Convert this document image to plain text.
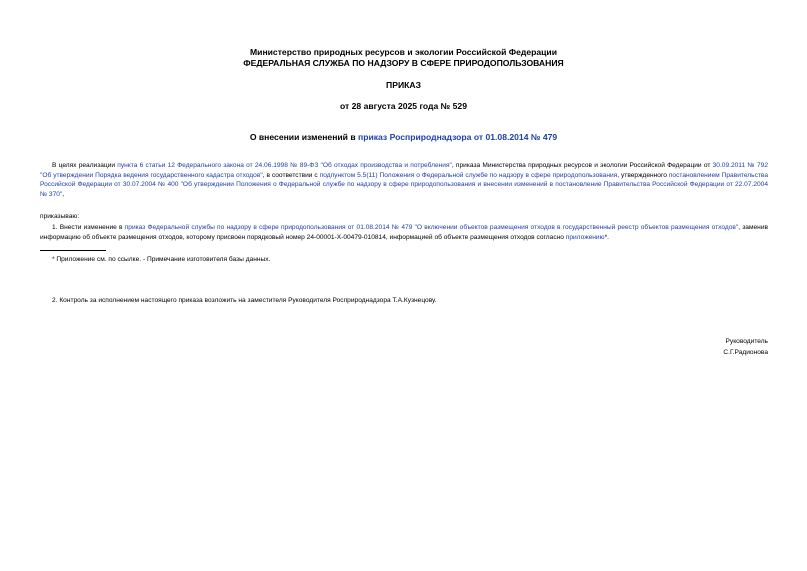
Министерство природных ресурсов и экологии Российской Федерации
ФЕДЕРАЛЬНАЯ СЛУЖБА ПО НАДЗОРУ В СФЕРЕ ПРИРОДОПОЛЬЗОВАНИЯ
ПРИКАЗ
от 28 августа 2025 года № 529
О внесении изменений в приказ Росприроднадзора от 01.08.2014 № 479
В целях реализации пункта 6 статьи 12 Федерального закона от 24.06.1998 № 89-ФЗ "Об отходах производства и потребления", приказа Министерства природных ресурсов и экологии Российской Федерации от 30.09.2011 № 792 "Об утверждении Порядка ведения государственного кадастра отходов", в соответствии с подпунктом 5.5(11) Положения о Федеральной службе по надзору в сфере природопользования, утвержденного постановлением Правительства Российской Федерации от 30.07.2004 № 400 "Об утверждении Положения о Федеральной службе по надзору в сфере природопользования и внесении изменений в постановление Правительства Российской Федерации от 22.07.2004 № 370",
приказываю:
1. Внести изменение в приказ Федеральной службы по надзору в сфере природопользования от 01.08.2014 № 479 "О включении объектов размещения отходов в государственный реестр объектов размещения отходов", заменив информацию об объекте размещения отходов, которому присвоен порядковый номер 24-00001-Х-00479-010814, информацией об объекте размещения отходов согласно приложению*.
* Приложение см. по ссылке. - Примечание изготовителя базы данных.
2. Контроль за исполнением настоящего приказа возложить на заместителя Руководителя Росприроднадзора Т.А.Кузнецову.
Руководитель
С.Г.Радионова
